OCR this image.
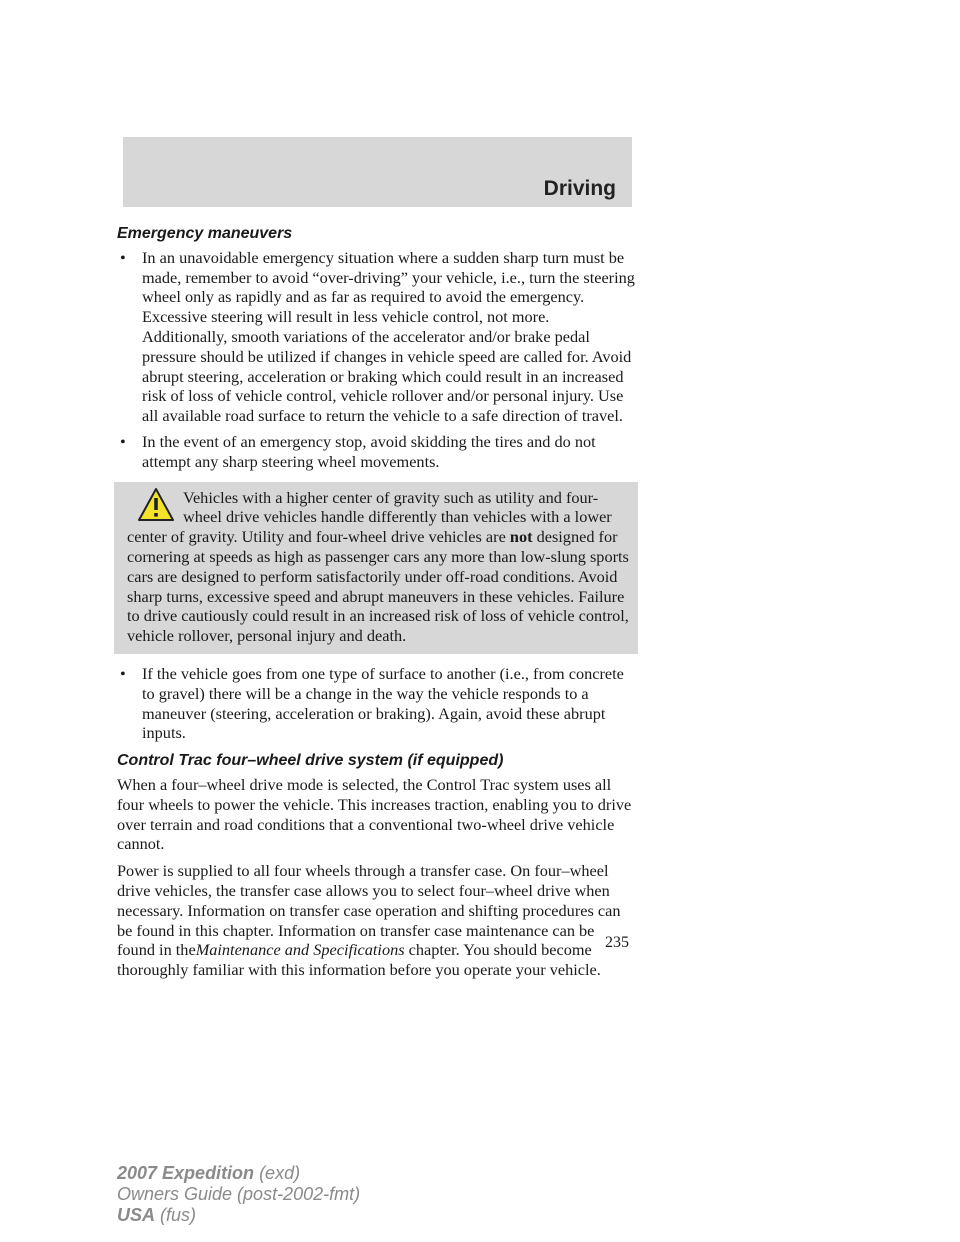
Driving
Emergency maneuvers
• In an unavoidable emergency situation where a sudden sharp turn must be made, remember to avoid “over-driving” your vehicle, i.e., turn the steering wheel only as rapidly and as far as required to avoid the emergency. Excessive steering will result in less vehicle control, not more. Additionally, smooth variations of the accelerator and/or brake pedal pressure should be utilized if changes in vehicle speed are called for. Avoid abrupt steering, acceleration or braking which could result in an increased risk of loss of vehicle control, vehicle rollover and/or personal injury. Use all available road surface to return the vehicle to a safe direction of travel.
• In the event of an emergency stop, avoid skidding the tires and do not attempt any sharp steering wheel movements.
Vehicles with a higher center of gravity such as utility and four-wheel drive vehicles handle differently than vehicles with a lower center of gravity. Utility and four-wheel drive vehicles are not designed for cornering at speeds as high as passenger cars any more than low-slung sports cars are designed to perform satisfactorily under off-road conditions. Avoid sharp turns, excessive speed and abrupt maneuvers in these vehicles. Failure to drive cautiously could result in an increased risk of loss of vehicle control, vehicle rollover, personal injury and death.
• If the vehicle goes from one type of surface to another (i.e., from concrete to gravel) there will be a change in the way the vehicle responds to a maneuver (steering, acceleration or braking). Again, avoid these abrupt inputs.
Control Trac four–wheel drive system (if equipped)

When a four–wheel drive mode is selected, the Control Trac system uses all four wheels to power the vehicle. This increases traction, enabling you to drive over terrain and road conditions that a conventional two-wheel drive vehicle cannot.

Power is supplied to all four wheels through a transfer case. On four–wheel drive vehicles, the transfer case allows you to select four–wheel drive when necessary. Information on transfer case operation and shifting procedures can be found in this chapter. Information on transfer case maintenance can be found in theMaintenance and Specifications chapter. You should become thoroughly familiar with this information before you operate your vehicle.

235
2007 Expedition (exd)
Owners Guide (post-2002-fmt)
USA (fus)
